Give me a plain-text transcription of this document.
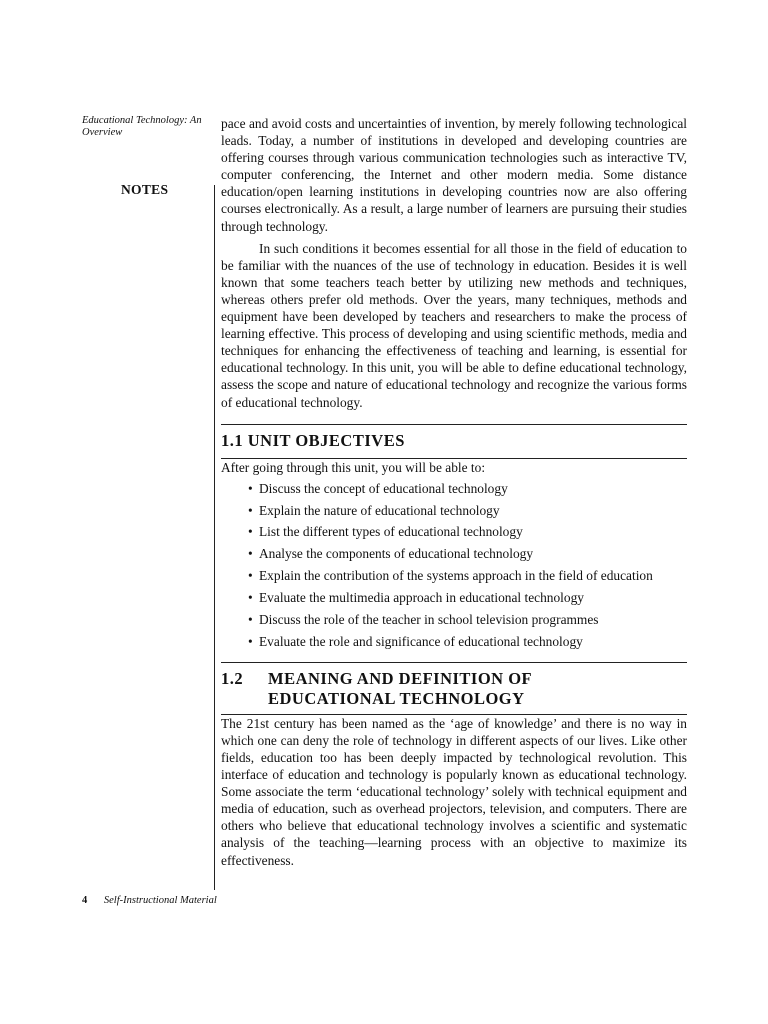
Educational Technology: An Overview
NOTES

pace and avoid costs and uncertainties of invention, by merely following technological leads. Today, a number of institutions in developed and developing countries are offering courses through various communication technologies such as interactive TV, computer conferencing, the Internet and other modern media. Some distance education/open learning institutions in developing countries now are also offering courses electronically. As a result, a large number of learners are pursuing their studies through technology.

In such conditions it becomes essential for all those in the field of education to be familiar with the nuances of the use of technology in education. Besides it is well known that some teachers teach better by utilizing new methods and techniques, whereas others prefer old methods. Over the years, many techniques, methods and equipment have been developed by teachers and researchers to make the process of learning effective. This process of developing and using scientific methods, media and techniques for enhancing the effectiveness of teaching and learning, is essential for educational technology. In this unit, you will be able to define educational technology, assess the scope and nature of educational technology and recognize the various forms of educational technology.

1.1 UNIT OBJECTIVES

After going through this unit, you will be able to:

• Discuss the concept of educational technology
• Explain the nature of educational technology
• List the different types of educational technology
• Analyse the components of educational technology
• Explain the contribution of the systems approach in the field of education
• Evaluate the multimedia approach in educational technology
• Discuss the role of the teacher in school television programmes
• Evaluate the role and significance of educational technology
1.2	MEANING AND DEFINITION OF
EDUCATIONAL TECHNOLOGY

The 21st century has been named as the ‘age of knowledge’ and there is no way in which one can deny the role of technology in different aspects of our lives. Like other fields, education too has been deeply impacted by technological revolution. This interface of education and technology is popularly known as educational technology. Some associate the term ‘educational technology’ solely with technical equipment and media of education, such as overhead projectors, television, and computers. There are others who believe that educational technology involves a scientific and systematic analysis of the teaching—learning process with an objective to maximize its effectiveness.

4 Self-Instructional Material
